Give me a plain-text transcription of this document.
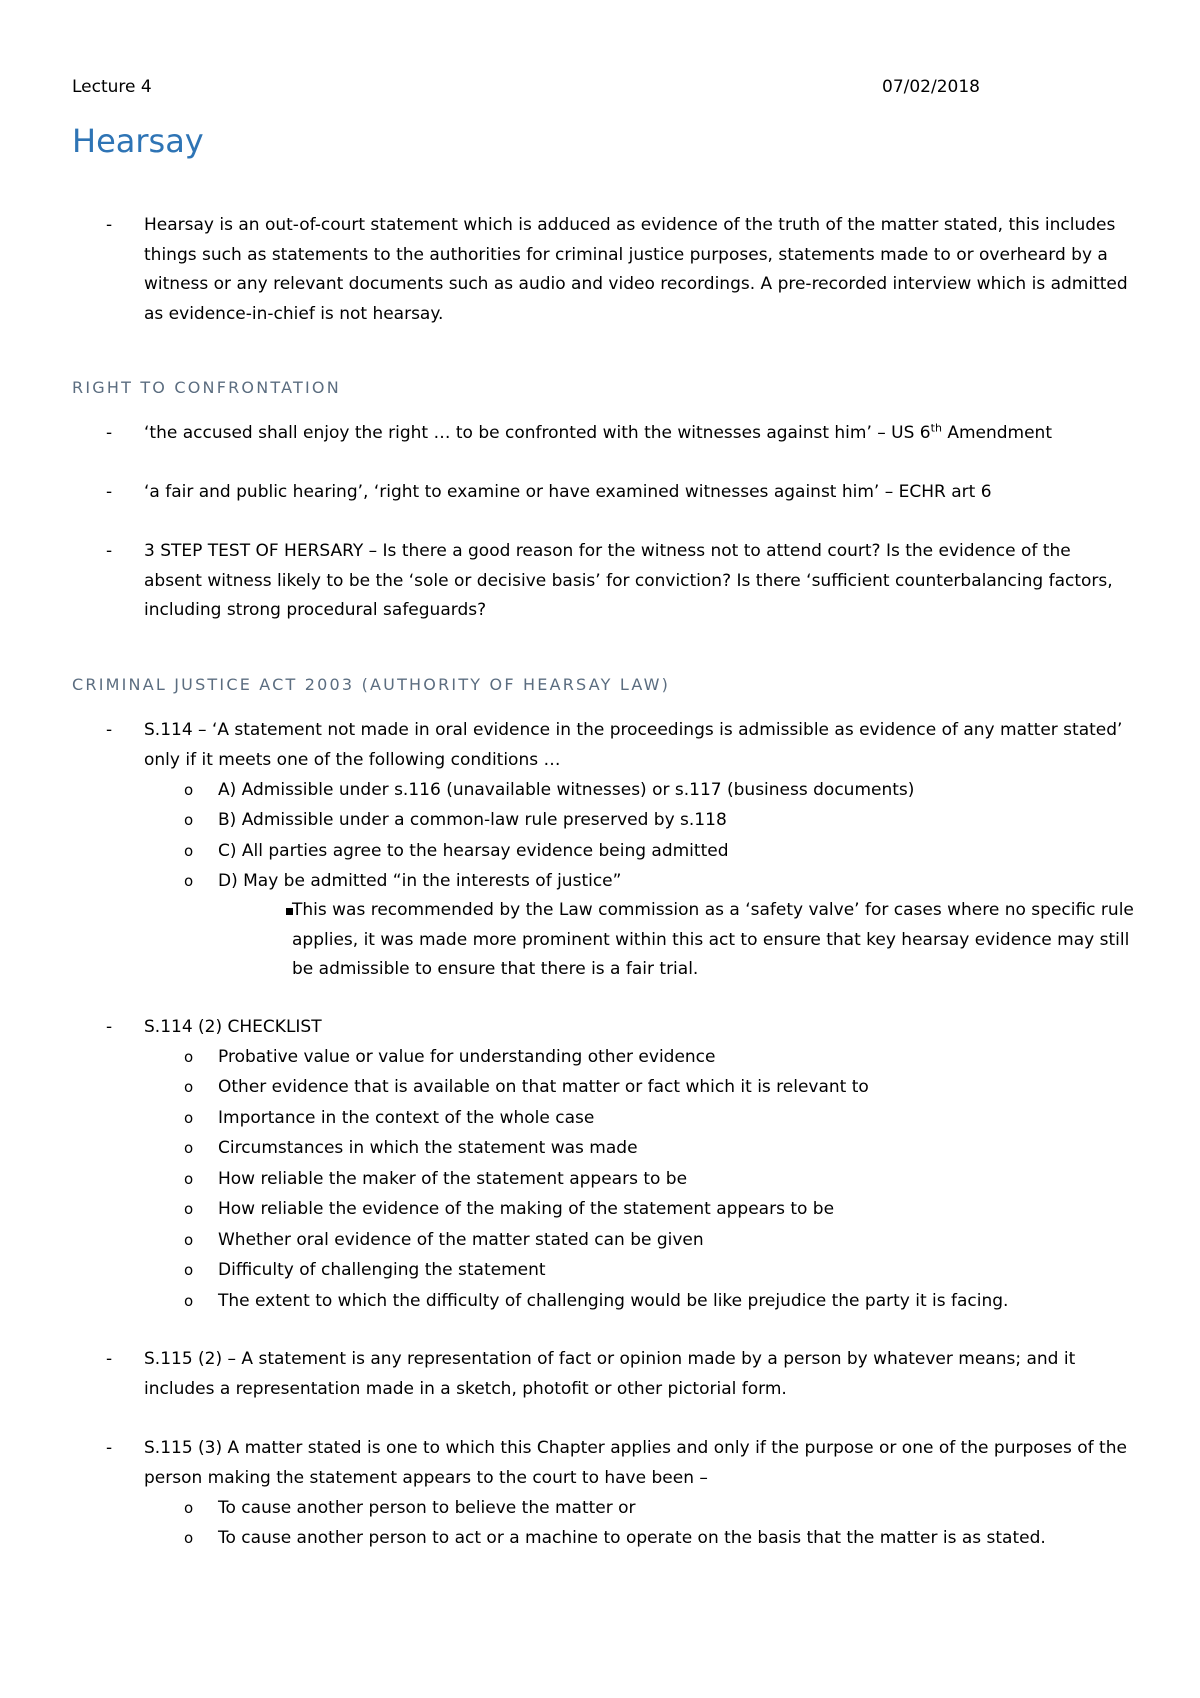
Lecture 4	07/02/2018
Hearsay
- Hearsay is an out-of-court statement which is adduced as evidence of the truth of the matter stated, this includes things such as statements to the authorities for criminal justice purposes, statements made to or overheard by a witness or any relevant documents such as audio and video recordings. A pre-recorded interview which is admitted as evidence-in-chief is not hearsay.

RIGHT TO CONFRONTATION
- ‘the accused shall enjoy the right … to be confronted with the witnesses against him’ – US 6th Amendment

- ‘a fair and public hearing’, ‘right to examine or have examined witnesses against him’ – ECHR art 6

- 3 STEP TEST OF HERSARY – Is there a good reason for the witness not to attend court? Is the evidence of the absent witness likely to be the ‘sole or decisive basis’ for conviction? Is there ‘sufficient counterbalancing factors, including strong procedural safeguards?

CRIMINAL JUSTICE ACT 2003 (AUTHORITY OF HEARSAY LAW)
- S.114 – ‘A statement not made in oral evidence in the proceedings is admissible as evidence of any matter stated’ only if it meets one of the following conditions …

o A) Admissible under s.116 (unavailable witnesses) or s.117 (business documents)

o B) Admissible under a common-law rule preserved by s.118

o C) All parties agree to the hearsay evidence being admitted

o D) May be admitted “in the interests of justice”

This was recommended by the Law commission as a ‘safety valve’ for cases where no specific rule applies, it was made more prominent within this act to ensure that key hearsay evidence may still be admissible to ensure that there is a fair trial.

- S.114 (2) CHECKLIST

o Probative value or value for understanding other evidence

o Other evidence that is available on that matter or fact which it is relevant to

o Importance in the context of the whole case

o Circumstances in which the statement was made

o How reliable the maker of the statement appears to be

o How reliable the evidence of the making of the statement appears to be

o Whether oral evidence of the matter stated can be given

o Difficulty of challenging the statement

o The extent to which the difficulty of challenging would be like prejudice the party it is facing.

- S.115 (2) – A statement is any representation of fact or opinion made by a person by whatever means; and it includes a representation made in a sketch, photofit or other pictorial form.

- S.115 (3) A matter stated is one to which this Chapter applies and only if the purpose or one of the purposes of the person making the statement appears to the court to have been –

o To cause another person to believe the matter or

o To cause another person to act or a machine to operate on the basis that the matter is as stated.
